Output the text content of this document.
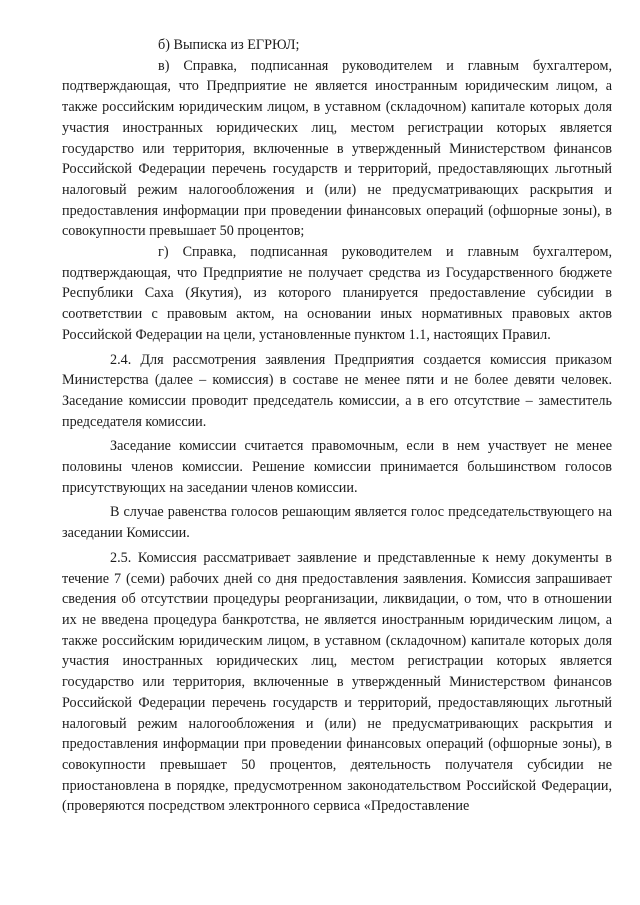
б) Выписка из ЕГРЮЛ;

в) Справка, подписанная руководителем и главным бухгалтером, подтверждающая, что Предприятие не является иностранным юридическим лицом, а также российским юридическим лицом, в уставном (складочном) капитале которых доля участия иностранных юридических лиц, местом регистрации которых является государство или территория, включенные в утвержденный Министерством финансов Российской Федерации перечень государств и территорий, предоставляющих льготный налоговый режим налогообложения и (или) не предусматривающих раскрытия и предоставления информации при проведении финансовых операций (офшорные зоны), в совокупности превышает 50 процентов;

г) Справка, подписанная руководителем и главным бухгалтером, подтверждающая, что Предприятие не получает средства из Государственного бюджете Республики Саха (Якутия), из которого планируется предоставление субсидии в соответствии с правовым актом, на основании иных нормативных правовых актов Российской Федерации на цели, установленные пунктом 1.1, настоящих Правил.

2.4. Для рассмотрения заявления Предприятия создается комиссия приказом Министерства (далее – комиссия) в составе не менее пяти и не более девяти человек. Заседание комиссии проводит председатель комиссии, а в его отсутствие – заместитель председателя комиссии.

Заседание комиссии считается правомочным, если в нем участвует не менее половины членов комиссии. Решение комиссии принимается большинством голосов присутствующих на заседании членов комиссии.

В случае равенства голосов решающим является голос председательствующего на заседании Комиссии.

2.5. Комиссия рассматривает заявление и представленные к нему документы в течение 7 (семи) рабочих дней со дня предоставления заявления. Комиссия запрашивает сведения об отсутствии процедуры реорганизации, ликвидации, о том, что в отношении их не введена процедура банкротства, не является иностранным юридическим лицом, а также российским юридическим лицом, в уставном (складочном) капитале которых доля участия иностранных юридических лиц, местом регистрации которых является государство или территория, включенные в утвержденный Министерством финансов Российской Федерации перечень государств и территорий, предоставляющих льготный налоговый режим налогообложения и (или) не предусматривающих раскрытия и предоставления информации при проведении финансовых операций (офшорные зоны), в совокупности превышает 50 процентов, деятельность получателя субсидии не приостановлена в порядке, предусмотренном законодательством Российской Федерации, (проверяются посредством электронного сервиса «Предоставление
